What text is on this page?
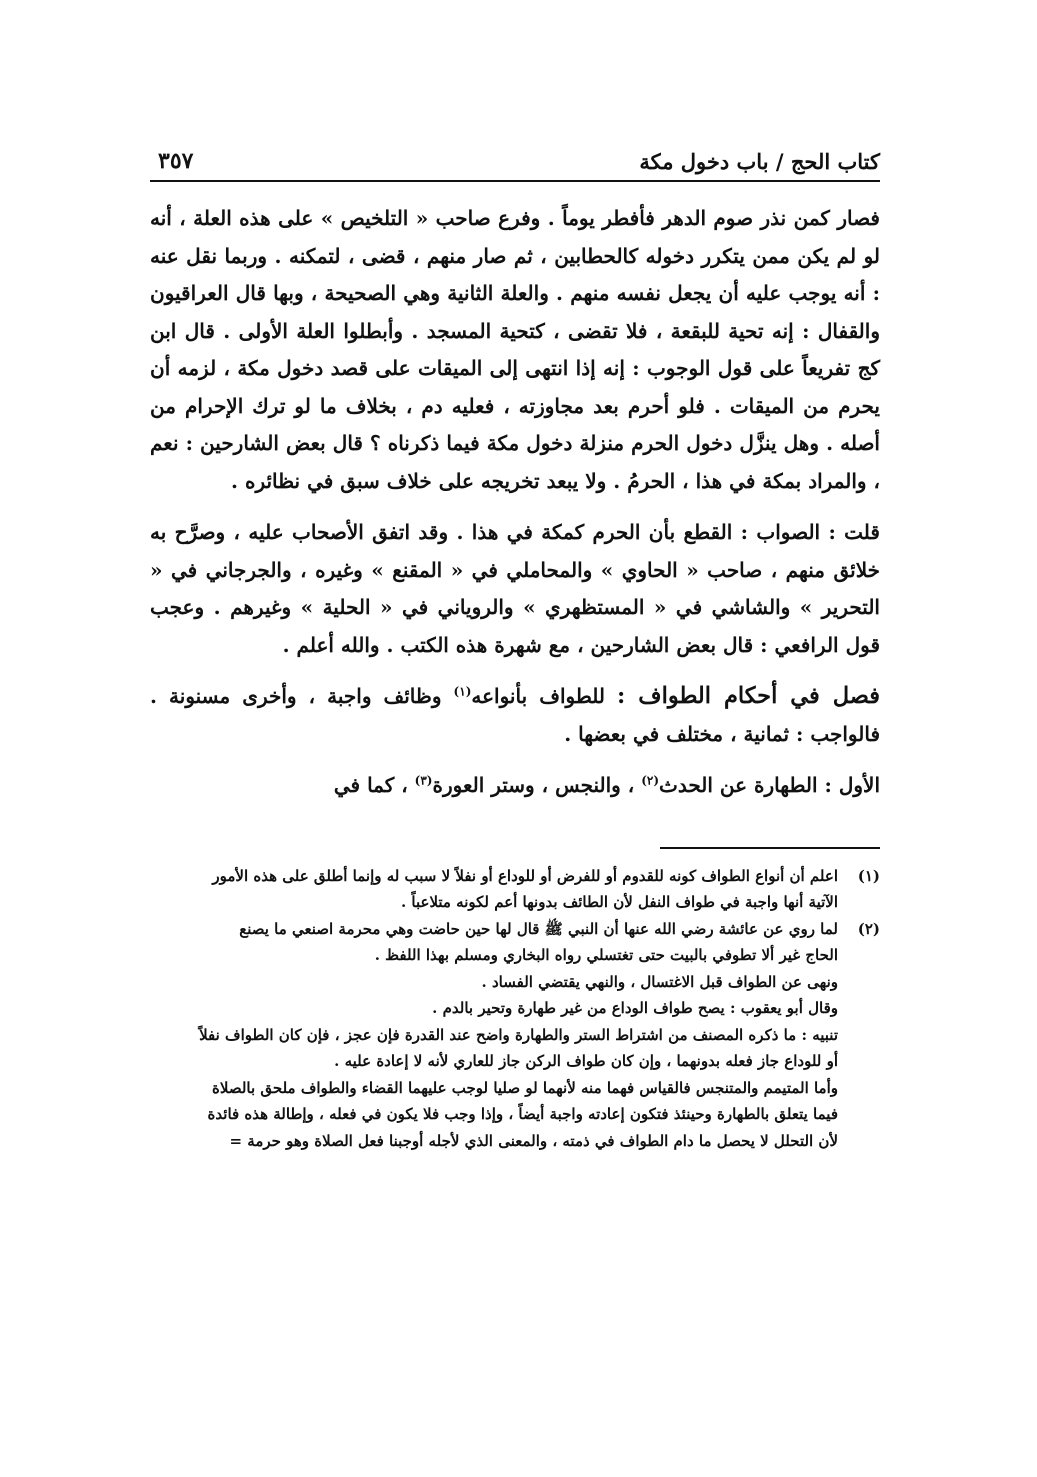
كتاب الحج / باب دخول مكة
٣٥٧

فصار كمن نذر صوم الدهر فأفطر يوماً . وفرع صاحب « التلخيص » على هذه العلة ، أنه لو لم يكن ممن يتكرر دخوله كالحطابين ، ثم صار منهم ، قضى ، لتمكنه . وربما نقل عنه : أنه يوجب عليه أن يجعل نفسه منهم . والعلة الثانية وهي الصحيحة ، وبها قال العراقيون والقفال : إنه تحية للبقعة ، فلا تقضى ، كتحية المسجد . وأبطلوا العلة الأولى . قال ابن كج تفريعاً على قول الوجوب : إنه إذا انتهى إلى الميقات على قصد دخول مكة ، لزمه أن يحرم من الميقات . فلو أحرم بعد مجاوزته ، فعليه دم ، بخلاف ما لو ترك الإحرام من أصله . وهل ينزَّل دخول الحرم منزلة دخول مكة فيما ذكرناه ؟ قال بعض الشارحين : نعم ، والمراد بمكة في هذا ، الحرمُ . ولا يبعد تخريجه على خلاف سبق في نظائره .

قلت : الصواب : القطع بأن الحرم كمكة في هذا . وقد اتفق الأصحاب عليه ، وصرَّح به خلائق منهم ، صاحب « الحاوي » والمحاملي في « المقنع » وغيره ، والجرجاني في « التحرير » والشاشي في « المستظهري » والروياني في « الحلية » وغيرهم . وعجب قول الرافعي : قال بعض الشارحين ، مع شهرة هذه الكتب . والله أعلم .

فصل في أحكام الطواف : للطواف بأنواعه$^{(١)}$ وظائف واجبة ، وأخرى مسنونة . فالواجب : ثمانية ، مختلف في بعضها .

الأول : الطهارة عن الحدث$^{(٢)}$ ، والنجس ، وستر العورة$^{(٣)}$ ، كما في

(١)
اعلم أن أنواع الطواف كونه للقدوم أو للفرض أو للوداع أو نفلاً لا سبب له وإنما أطلق على هذه الأمور
الآتية أنها واجبة في طواف النفل لأن الطائف بدونها أعم لكونه متلاعباً .
(٢)
لما روي عن عائشة رضي الله عنها أن النبي ﷺ قال لها حين حاضت وهي محرمة اصنعي ما يصنع
الحاج غير ألا تطوفي بالبيت حتى تغتسلي رواه البخاري ومسلم بهذا اللفظ .
ونهى عن الطواف قبل الاغتسال ، والنهي يقتضي الفساد .
وقال أبو يعقوب : يصح طواف الوداع من غير طهارة وتحير بالدم .
تنبيه : ما ذكره المصنف من اشتراط الستر والطهارة واضح عند القدرة فإن عجز ، فإن كان الطواف نفلاً
أو للوداع جاز فعله بدونهما ، وإن كان طواف الركن جاز للعاري لأنه لا إعادة عليه .
وأما المتيمم والمتنجس فالقياس فهما منه لأنهما لو صليا لوجب عليهما القضاء والطواف ملحق بالصلاة
فيما يتعلق بالطهارة وحينئذ فتكون إعادته واجبة أيضاً ، وإذا وجب فلا يكون في فعله ، وإطالة هذه فائدة
لأن التحلل لا يحصل ما دام الطواف في ذمته ، والمعنى الذي لأجله أوجبنا فعل الصلاة وهو حرمة =
